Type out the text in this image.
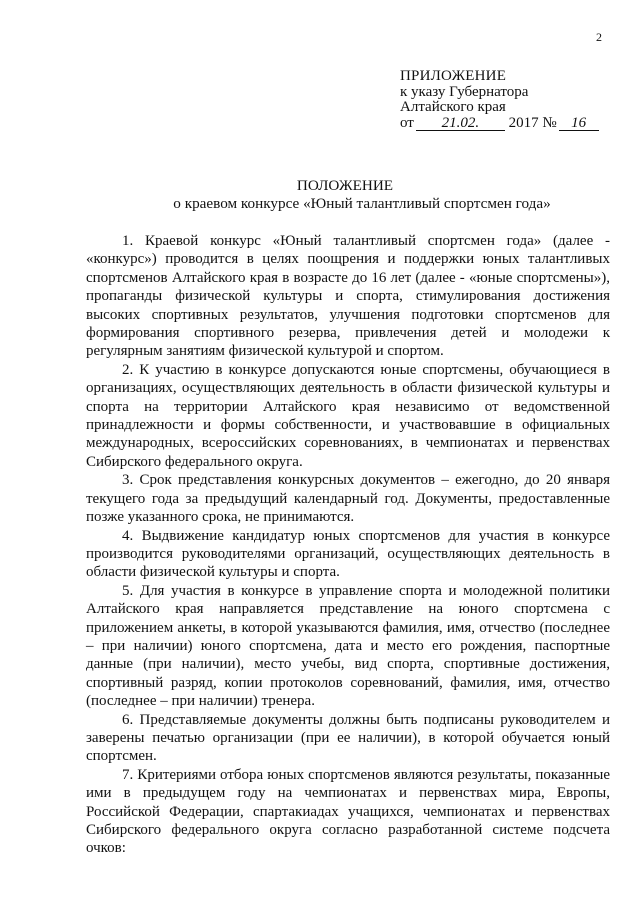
2
ПРИЛОЖЕНИЕ
к указу Губернатора
Алтайского края
от 21.02. 2017 № 16
ПОЛОЖЕНИЕ
о краевом конкурсе «Юный талантливый спортсмен года»

1. Краевой конкурс «Юный талантливый спортсмен года» (далее - «конкурс») проводится в целях поощрения и поддержки юных талантливых спортсменов Алтайского края в возрасте до 16 лет (далее - «юные спортсмены»), пропаганды физической культуры и спорта, стимулирования достижения высоких спортивных результатов, улучшения подготовки спортсменов для формирования спортивного резерва, привлечения детей и молодежи к регулярным занятиям физической культурой и спортом.

2. К участию в конкурсе допускаются юные спортсмены, обучающиеся в организациях, осуществляющих деятельность в области физической культуры и спорта на территории Алтайского края независимо от ведомственной принадлежности и формы собственности, и участвовавшие в официальных международных, всероссийских соревнованиях, в чемпионатах и первенствах Сибирского федерального округа.

3. Срок представления конкурсных документов – ежегодно, до 20 января текущего года за предыдущий календарный год. Документы, предоставленные позже указанного срока, не принимаются.

4. Выдвижение кандидатур юных спортсменов для участия в конкурсе производится руководителями организаций, осуществляющих деятельность в области физической культуры и спорта.

5. Для участия в конкурсе в управление спорта и молодежной политики Алтайского края направляется представление на юного спортсмена с приложением анкеты, в которой указываются фамилия, имя, отчество (последнее – при наличии) юного спортсмена, дата и место его рождения, паспортные данные (при наличии), место учебы, вид спорта, спортивные достижения, спортивный разряд, копии протоколов соревнований, фамилия, имя, отчество (последнее – при наличии) тренера.

6. Представляемые документы должны быть подписаны руководителем и заверены печатью организации (при ее наличии), в которой обучается юный спортсмен.

7. Критериями отбора юных спортсменов являются результаты, показанные ими в предыдущем году на чемпионатах и первенствах мира, Европы, Российской Федерации, спартакиадах учащихся, чемпионатах и первенствах Сибирского федерального округа согласно разработанной системе подсчета очков:
